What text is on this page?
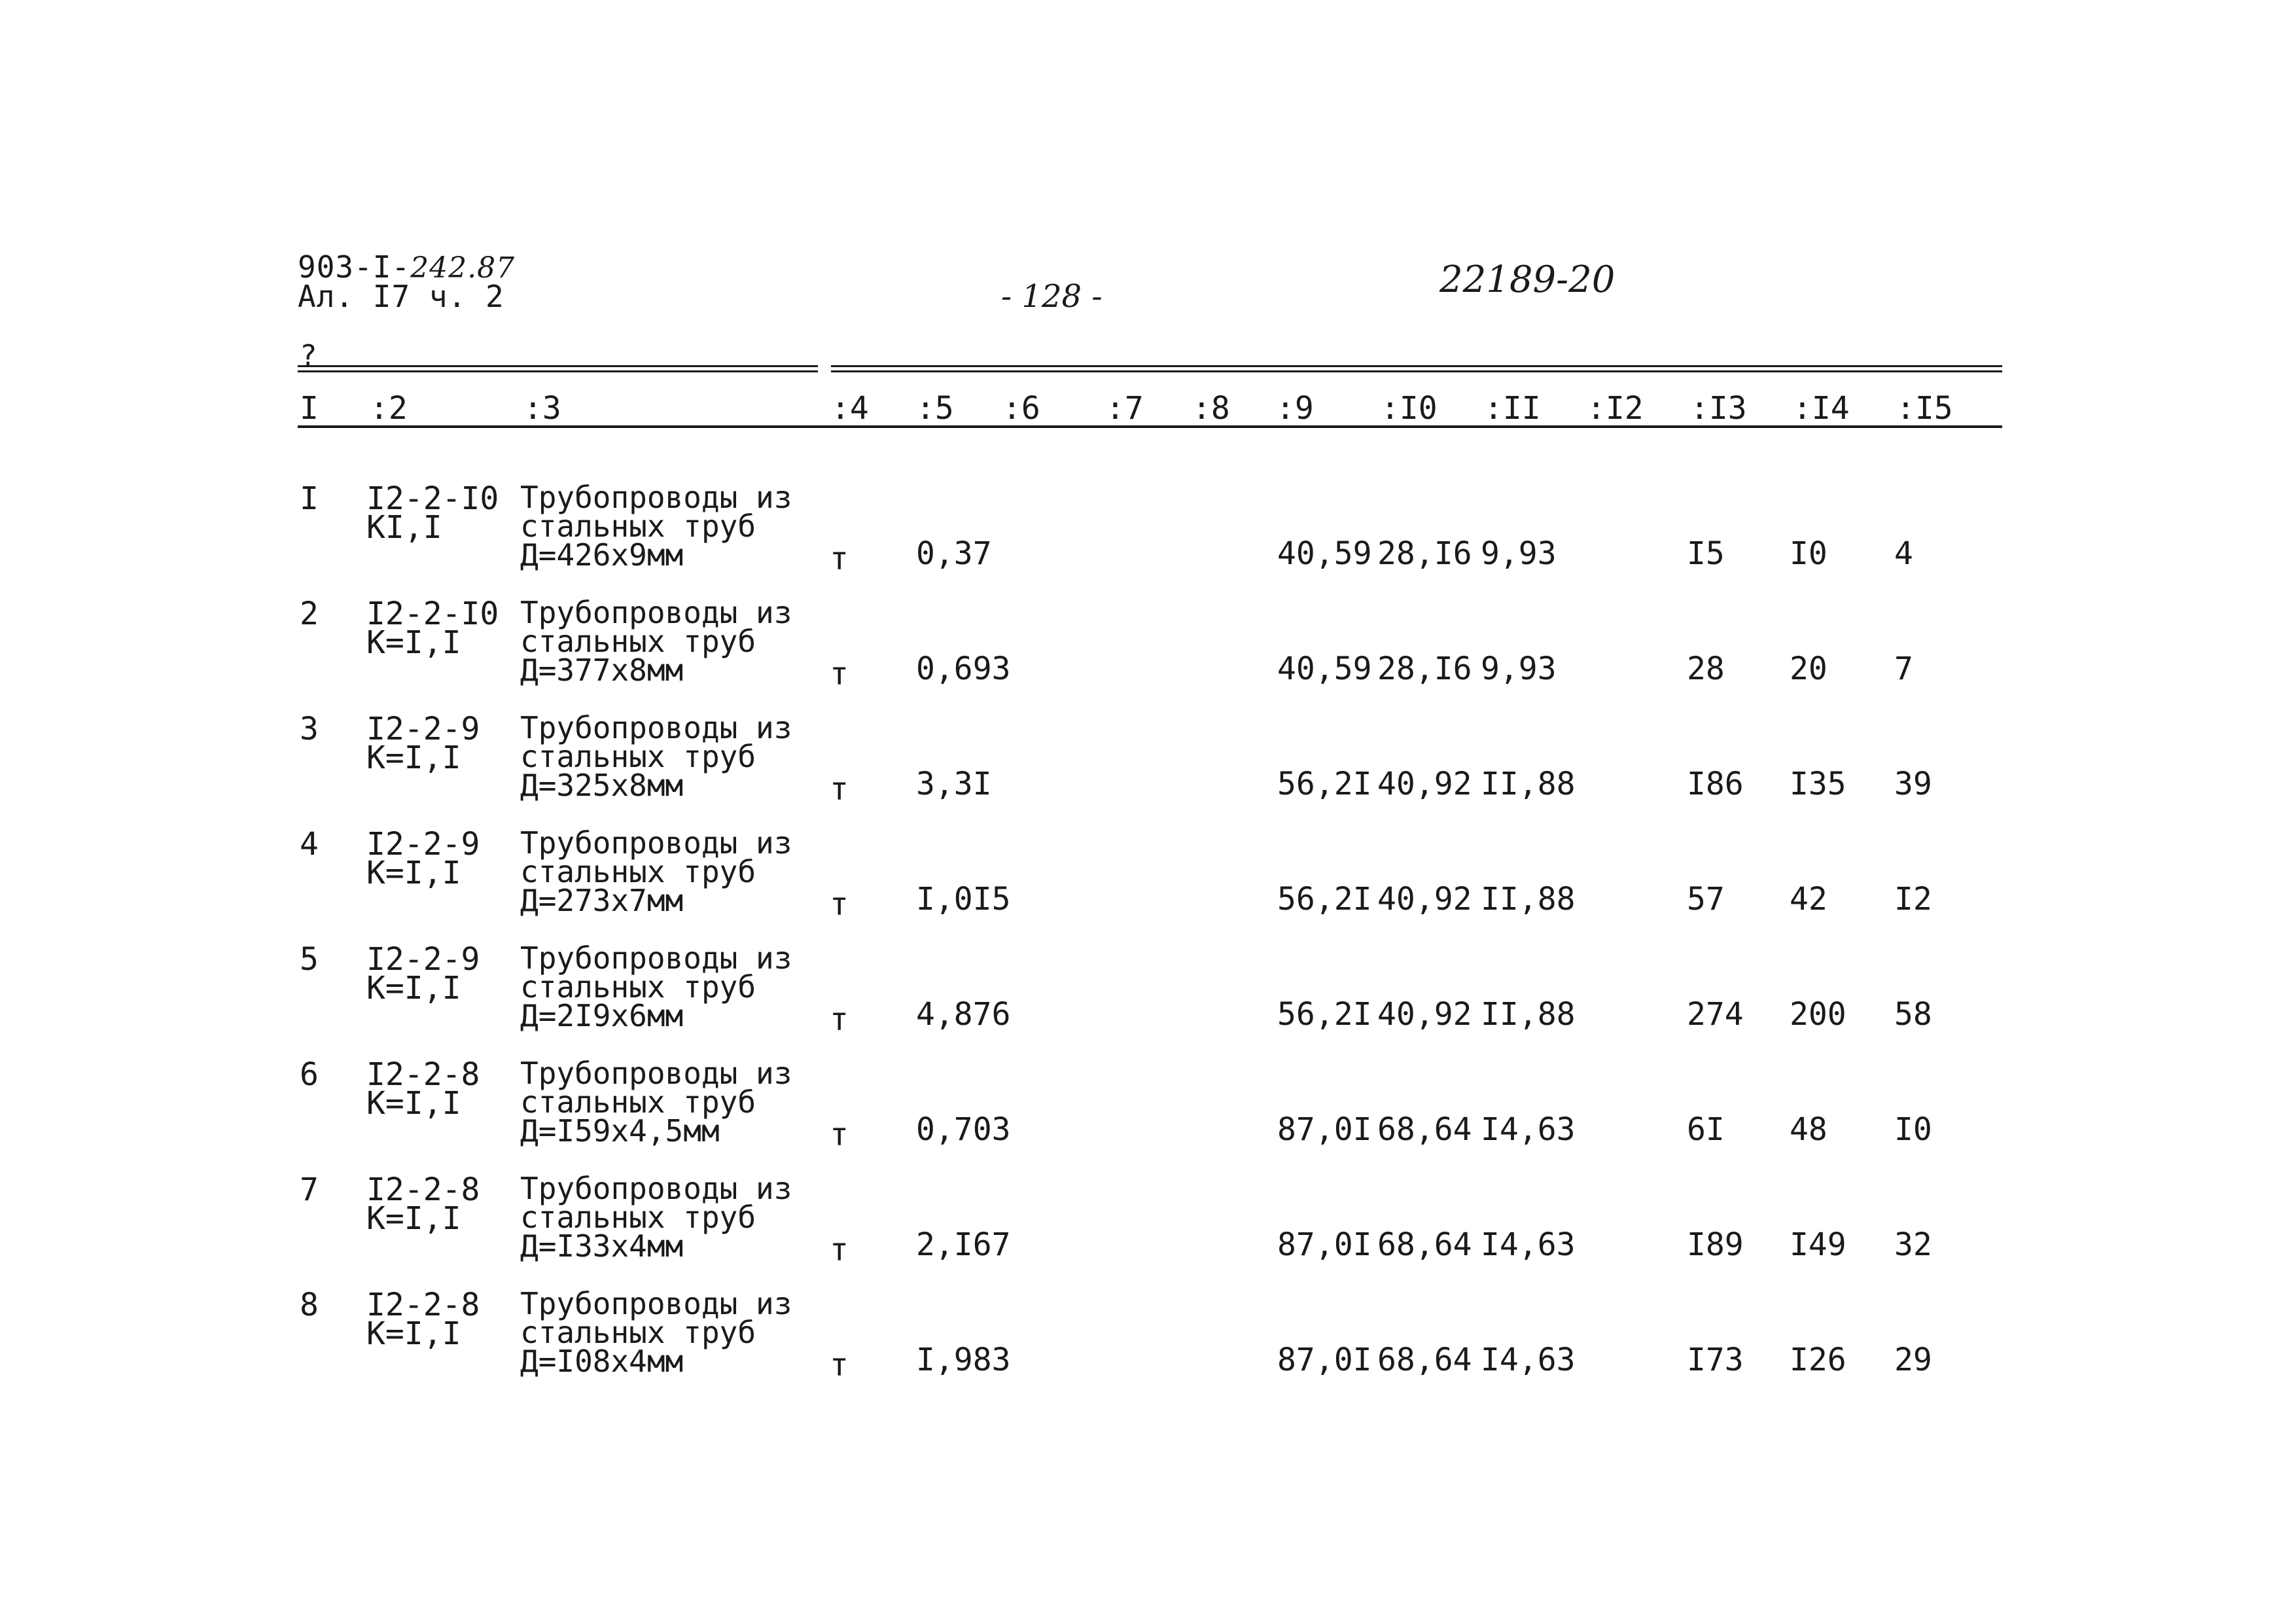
903-I-242.87
Ал. I7 ч. 2	- 128 -	22189-20
?
I :2	:3	:4 :5 :6 :7 :8 :9 :I0 :II :I2 :I3 :I4 :I5
I I2-2-I0
KI,I
Трубопроводы из
стальных труб
Д=426х9мм	т 0,37	40,59 28,I6 9,93	I5 I0 4
2 I2-2-I0
K=I,I
Трубопроводы из
стальных труб
Д=377х8мм	т 0,693	40,59 28,I6 9,93	28 20 7
3 I2-2-9
K=I,I
Трубопроводы из
стальных труб
Д=325х8мм	т 3,3I	56,2I 40,92 II,88	I86 I35 39
4 I2-2-9
K=I,I
Трубопроводы из
стальных труб
Д=273х7мм	т I,0I5	56,2I 40,92 II,88	57 42 I2
5 I2-2-9
K=I,I
Трубопроводы из
стальных труб
Д=2I9х6мм	т 4,876	56,2I 40,92 II,88	274 200 58
6 I2-2-8
K=I,I
Трубопроводы из
стальных труб
Д=I59х4,5мм	т 0,703	87,0I 68,64 I4,63	6I 48 I0
7 I2-2-8
K=I,I
Трубопроводы из
стальных труб
Д=I33х4мм	т 2,I67	87,0I 68,64 I4,63	I89 I49 32
8 I2-2-8
K=I,I
Трубопроводы из
стальных труб
Д=I08х4мм	т I,983	87,0I 68,64 I4,63	I73 I26 29
